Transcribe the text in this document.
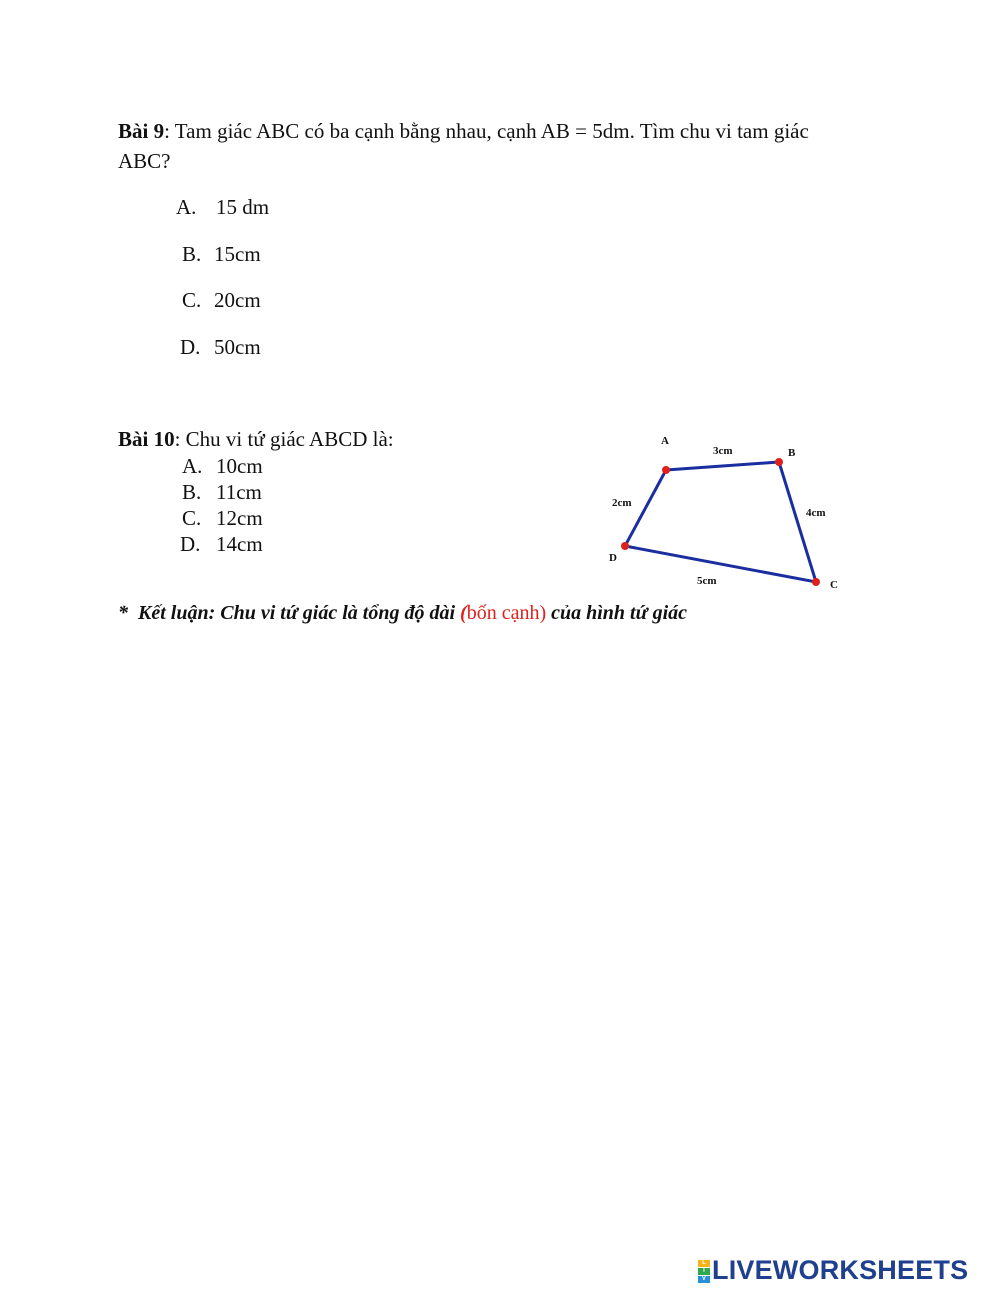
Bài 9: Tam giác ABC có ba cạnh bằng nhau, cạnh AB = 5dm. Tìm chu vi tam giác
ABC?
A. 15 dm
B. 15cm
C. 20cm
D. 50cm
Bài 10: Chu vi tứ giác ABCD là:
A. 10cm
B. 11cm
C. 12cm
D. 14cm
A
B
C
D
3cm
4cm
5cm
2cm
* Kết luận: Chu vi tứ giác là tổng độ dài (bốn cạnh) của hình tứ giác
L
I
V LIVEWORKSHEETS
